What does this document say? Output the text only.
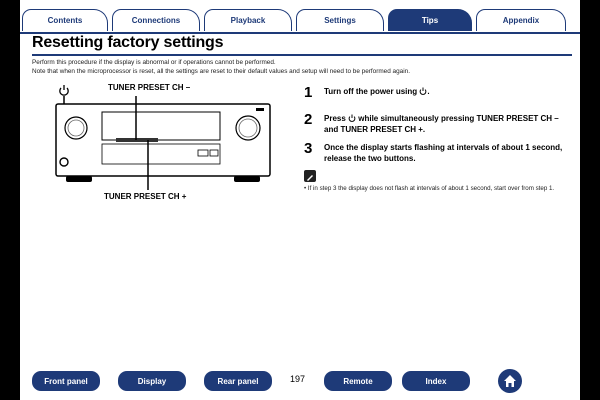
Contents	Connections	Playback	Settings	Tips	Appendix
Resetting factory settings
Perform this procedure if the display is abnormal or if operations cannot be performed.
Note that when the microprocessor is reset, all the settings are reset to their default values and setup will need to be performed again.
TUNER PRESET CH –
TUNER PRESET CH +
1 Turn off the power using .
2 Press  while simultaneously pressing TUNER PRESET CH – and TUNER PRESET CH +.
3 Once the display starts flashing at intervals of about 1 second, release the two buttons.
• If in step 3 the display does not flash at intervals of about 1 second, start over from step 1.
Front panel	Display	Rear panel	197	Remote	Index
